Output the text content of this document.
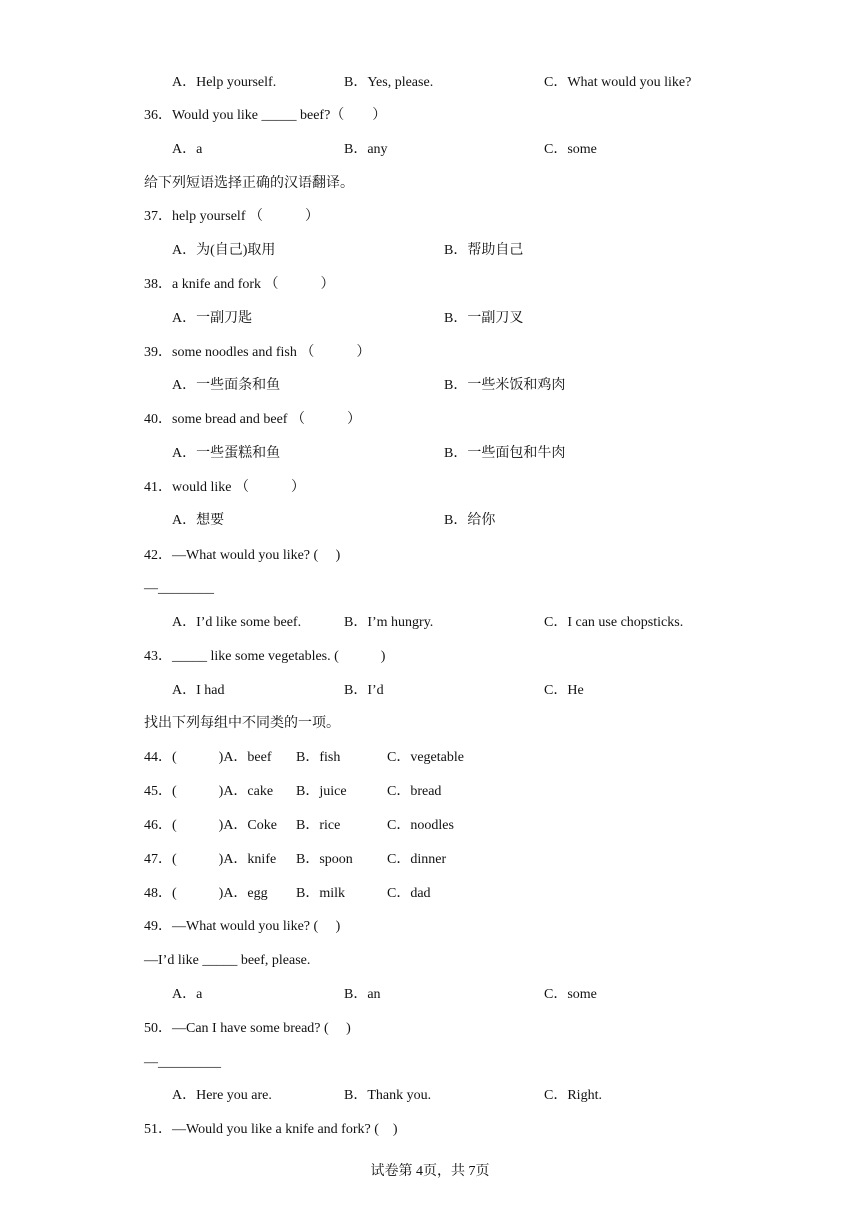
A．Help yourself.	B．Yes, please.	C．What would you like?
36．Would you like _____ beef?（　　）
A．a	B．any	C．some
给下列短语选择正确的汉语翻译。
37．help yourself （　　　）
A．为(自己)取用	B．帮助自己
38．a knife and fork （　　　）
A．一副刀匙	B．一副刀叉
39．some noodles and fish （　　　）
A．一些面条和鱼	B．一些米饭和鸡肉
40．some bread and beef （　　　）
A．一些蛋糕和鱼	B．一些面包和牛肉
41．would like （　　　）
A．想要	B．给你
42．—What would you like? (　 )
—________
A．I’d like some beef.	B．I’m hungry.	C．I can use chopsticks.
43．_____ like some vegetables. (　　　)
A．I had	B．I’d	C．He
找出下列每组中不同类的一项。
44．(　　　)A．beef B．fish	C．vegetable
45．(　　　)A．cake B．juice	C．bread
46．(　　　)A．Coke B．rice	C．noodles
47．(　　　)A．knife B．spoon C．dinner
48．(　　　)A．egg B．milk	C．dad
49．—What would you like? (　 )
—I’d like _____ beef, please.
A．a	B．an	C．some
50．—Can I have some bread? (　 )
—_________
A．Here you are.	B．Thank you.	C．Right.
51．—Would you like a knife and fork? (　)
试卷第 4页，共 7页
